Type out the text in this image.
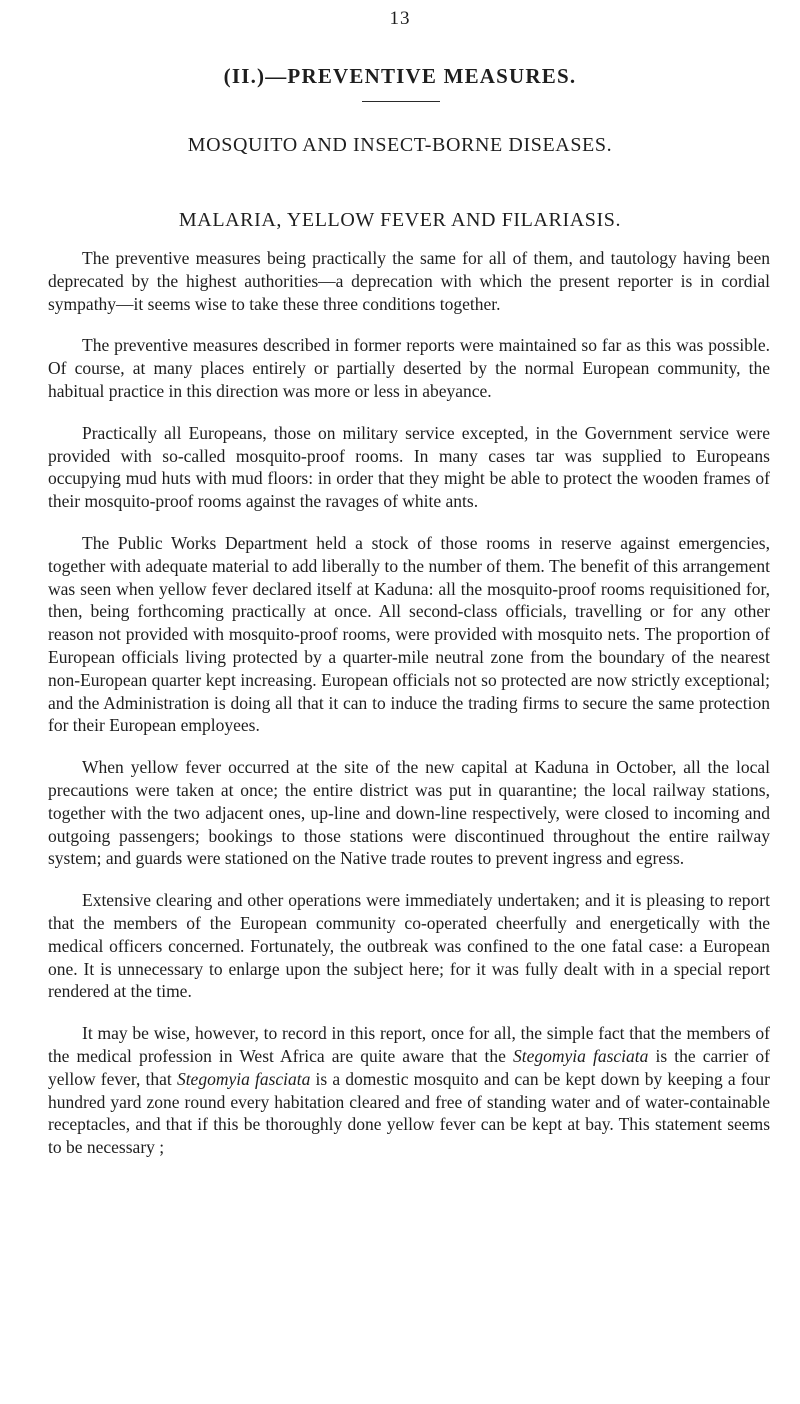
13
(II.)—PREVENTIVE MEASURES.
MOSQUITO AND INSECT-BORNE DISEASES.
MALARIA, YELLOW FEVER AND FILARIASIS.

The preventive measures being practically the same for all of them, and tautology having been deprecated by the highest authorities—a deprecation with which the present reporter is in cordial sympathy—it seems wise to take these three conditions together.

The preventive measures described in former reports were maintained so far as this was possible. Of course, at many places entirely or partially deserted by the normal European community, the habitual practice in this direction was more or less in abeyance.

Practically all Europeans, those on military service excepted, in the Government service were provided with so-called mosquito-proof rooms. In many cases tar was supplied to Europeans occupying mud huts with mud floors: in order that they might be able to protect the wooden frames of their mosquito-proof rooms against the ravages of white ants.

The Public Works Department held a stock of those rooms in reserve against emergencies, together with adequate material to add liberally to the number of them. The benefit of this arrangement was seen when yellow fever declared itself at Kaduna: all the mosquito-proof rooms requisitioned for, then, being forthcoming practically at once. All second-class officials, travelling or for any other reason not provided with mosquito-proof rooms, were provided with mosquito nets. The proportion of European officials living protected by a quarter-mile neutral zone from the boundary of the nearest non-European quarter kept increasing. European officials not so protected are now strictly exceptional; and the Administration is doing all that it can to induce the trading firms to secure the same protection for their European employees.

When yellow fever occurred at the site of the new capital at Kaduna in October, all the local precautions were taken at once; the entire district was put in quarantine; the local railway stations, together with the two adjacent ones, up-line and down-line respectively, were closed to incoming and outgoing passengers; bookings to those stations were discontinued throughout the entire railway system; and guards were stationed on the Native trade routes to prevent ingress and egress.

Extensive clearing and other operations were immediately undertaken; and it is pleasing to report that the members of the European community co-operated cheerfully and energetically with the medical officers concerned. Fortunately, the outbreak was confined to the one fatal case: a European one. It is unnecessary to enlarge upon the subject here; for it was fully dealt with in a special report rendered at the time.

It may be wise, however, to record in this report, once for all, the simple fact that the members of the medical profession in West Africa are quite aware that the Stegomyia fasciata is the carrier of yellow fever, that Stegomyia fasciata is a domestic mosquito and can be kept down by keeping a four hundred yard zone round every habitation cleared and free of standing water and of water-containable receptacles, and that if this be thoroughly done yellow fever can be kept at bay. This statement seems to be necessary ;
